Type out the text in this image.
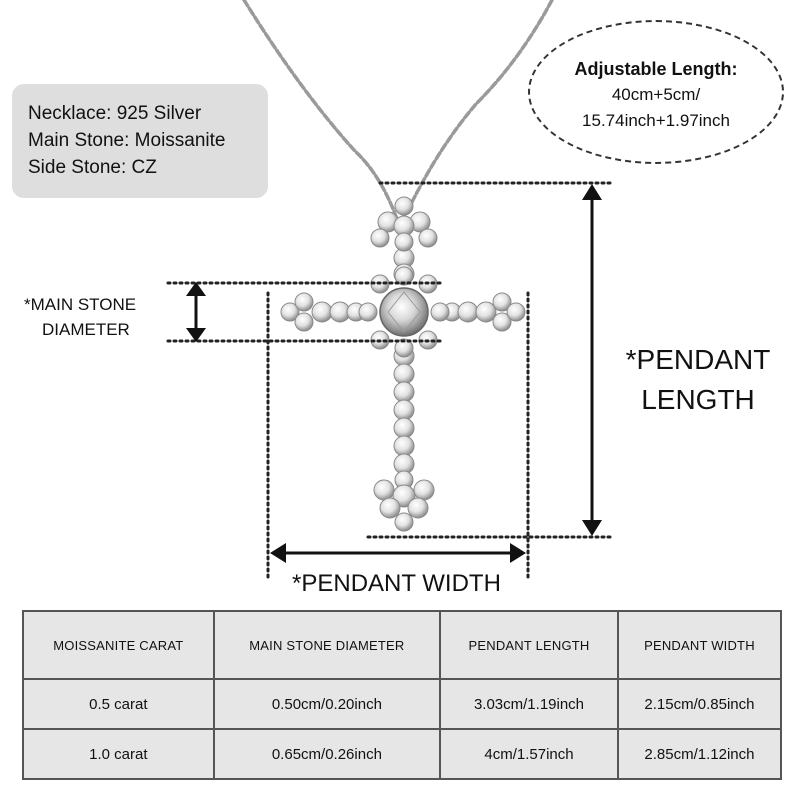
Necklace: 925 Silver
Main Stone: Moissanite
Side Stone: CZ
Adjustable Length:
40cm+5cm/
15.74inch+1.97inch
*MAIN STONE
DIAMETER
*PENDANT
LENGTH
*PENDANT WIDTH
MOISSANITE CARAT	MAIN STONE DIAMETER	PENDANT LENGTH	PENDANT WIDTH
0.5 carat	0.50cm/0.20inch	3.03cm/1.19inch	2.15cm/0.85inch
1.0 carat	0.65cm/0.26inch	4cm/1.57inch	2.85cm/1.12inch
